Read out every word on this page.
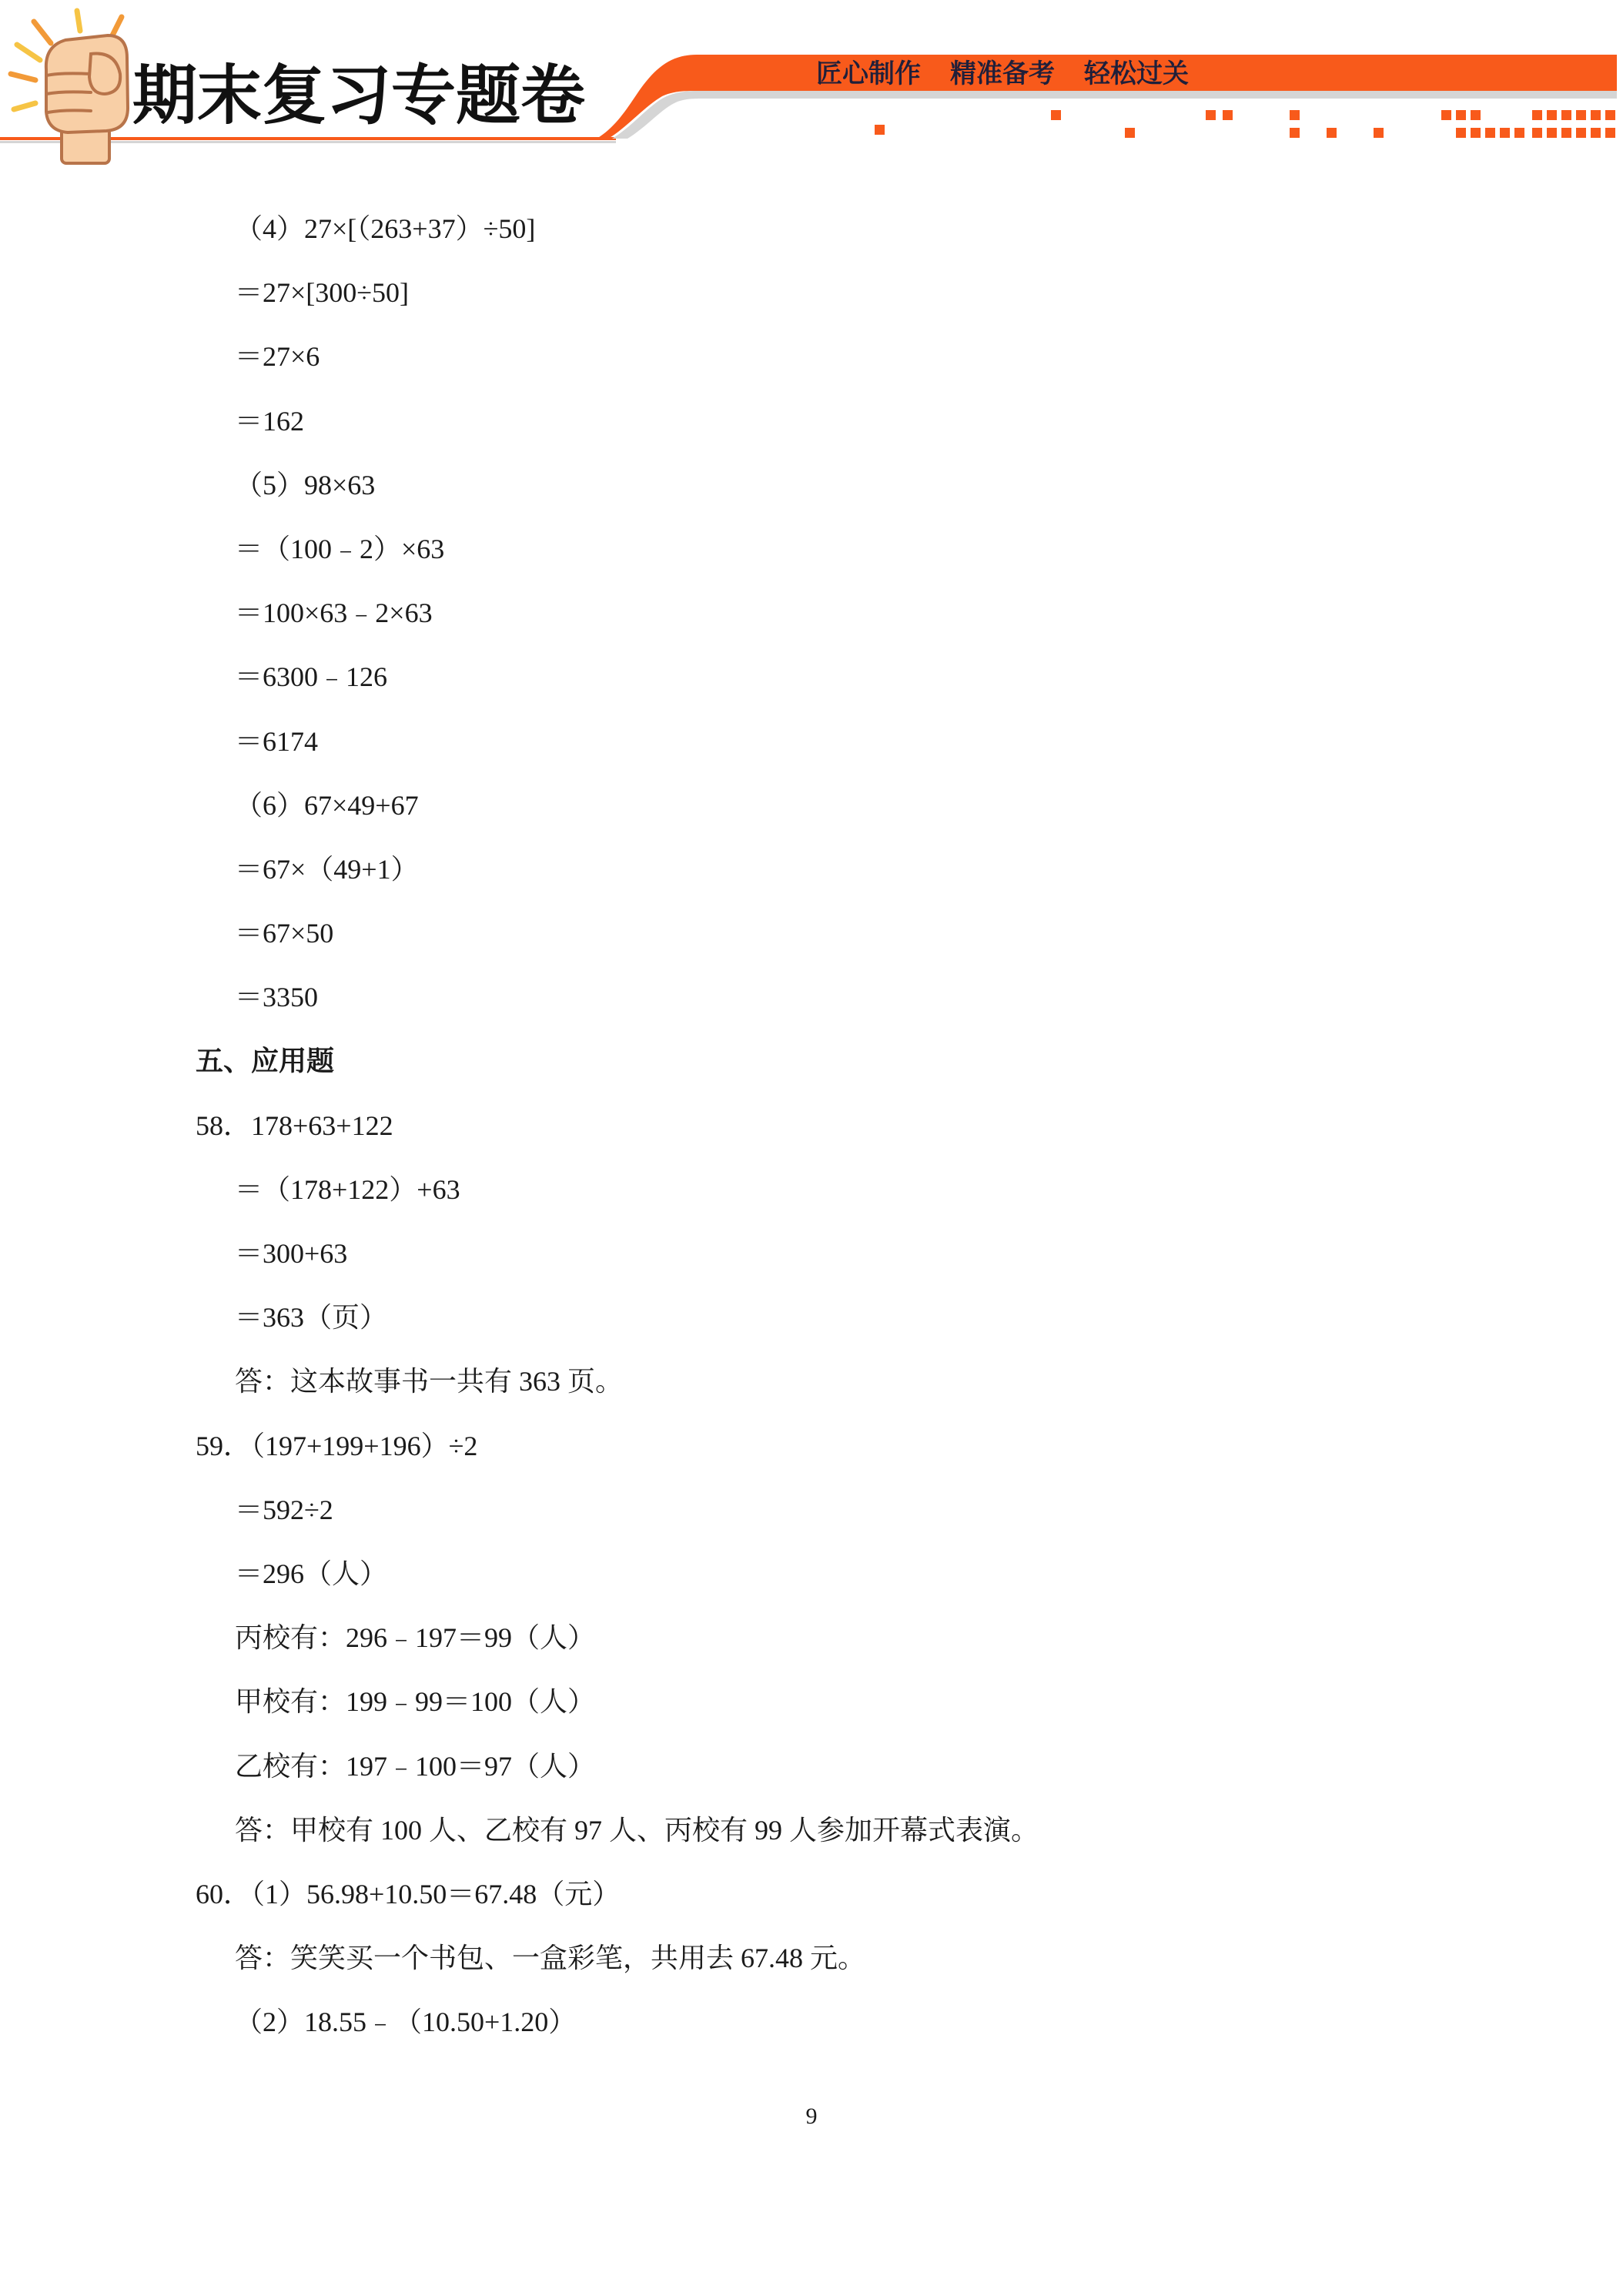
期末复习专题卷	匠心制作 精准备考 轻松过关
（4）27×[（263+37）÷50]
＝27×[300÷50]
＝27×6
＝162
（5）98×63
＝（100﹣2）×63
＝100×63﹣2×63
＝6300﹣126
＝6174
（6）67×49+67
＝67×（49+1）
＝67×50
＝3350
五、应用题
58．178+63+122
＝（178+122）+63
＝300+63
＝363（页）
答：这本故事书一共有 363 页。
59．（197+199+196）÷2
＝592÷2
＝296（人）
丙校有：296﹣197＝99（人）
甲校有：199﹣99＝100（人）
乙校有：197﹣100＝97（人）
答：甲校有 100 人、乙校有 97 人、丙校有 99 人参加开幕式表演。
60．（1）56.98+10.50＝67.48（元）
答：笑笑买一个书包、一盒彩笔，共用去 67.48 元。
（2）18.55﹣（10.50+1.20）
9
